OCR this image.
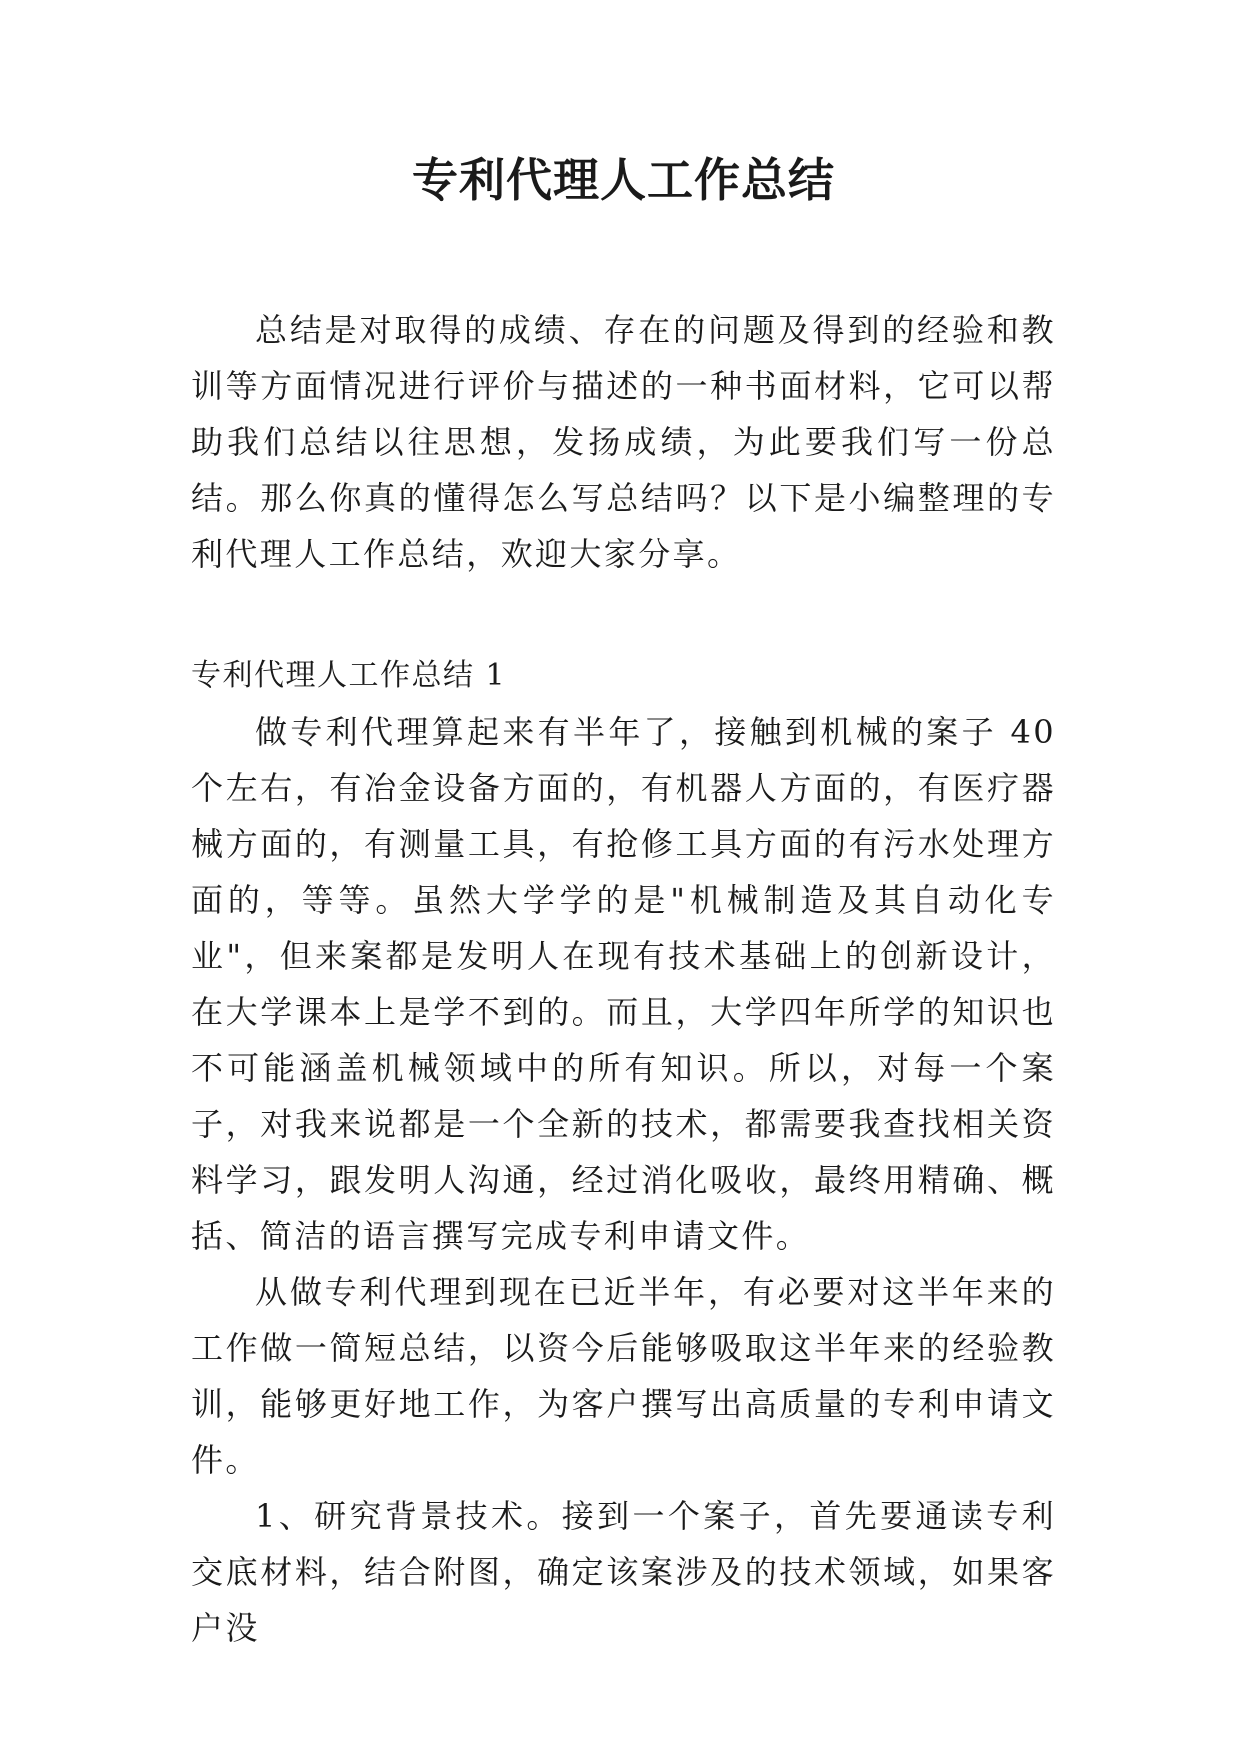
专利代理人工作总结

总结是对取得的成绩、存在的问题及得到的经验和教训等方面情况进行评价与描述的一种书面材料，它可以帮助我们总结以往思想，发扬成绩，为此要我们写一份总结。那么你真的懂得怎么写总结吗？以下是小编整理的专利代理人工作总结，欢迎大家分享。

专利代理人工作总结 1

做专利代理算起来有半年了，接触到机械的案子 40 个左右，有冶金设备方面的，有机器人方面的，有医疗器械方面的，有测量工具，有抢修工具方面的有污水处理方面的，等等。虽然大学学的是"机械制造及其自动化专业"，但来案都是发明人在现有技术基础上的创新设计，在大学课本上是学不到的。而且，大学四年所学的知识也不可能涵盖机械领域中的所有知识。所以，对每一个案子，对我来说都是一个全新的技术，都需要我查找相关资料学习，跟发明人沟通，经过消化吸收，最终用精确、概括、简洁的语言撰写完成专利申请文件。

从做专利代理到现在已近半年，有必要对这半年来的工作做一简短总结，以资今后能够吸取这半年来的经验教训，能够更好地工作，为客户撰写出高质量的专利申请文件。

1、研究背景技术。接到一个案子，首先要通读专利交底材料，结合附图，确定该案涉及的技术领域，如果客户没
